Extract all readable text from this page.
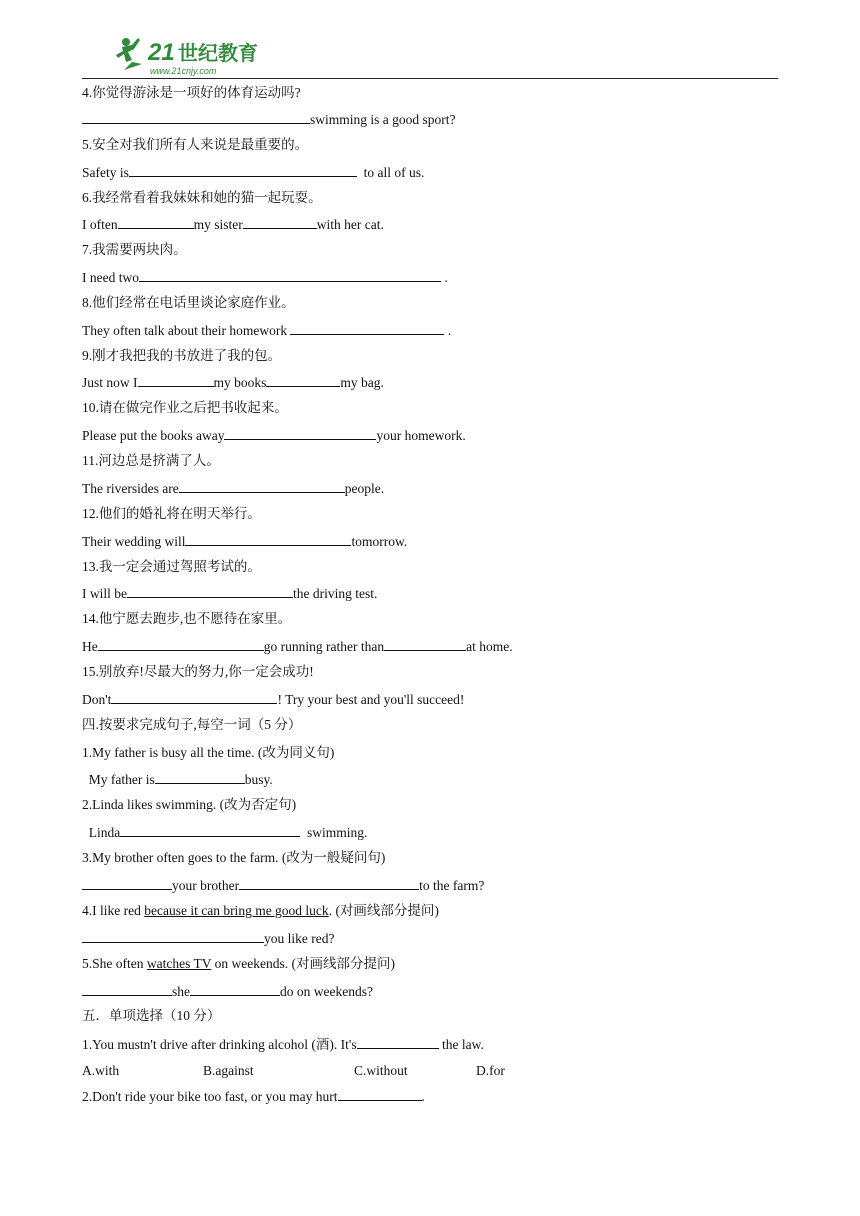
21 世纪教育
www.21cnjy.com
4.你觉得游泳是一项好的体育运动吗?
swimming is a good sport?
5.安全对我们所有人来说是最重要的。
Safety is	to all of us.
6.我经常看着我妹妹和她的猫一起玩耍。
I often	my sister	with her cat.
7.我需要两块肉。
I need two	.
8.他们经常在电话里谈论家庭作业。
They often talk about their homework	.
9.刚才我把我的书放进了我的包。
Just now I	my books	my bag.
10.请在做完作业之后把书收起来。
Please put the books away	your homework.
11.河边总是挤满了人。
The riversides are	people.
12.他们的婚礼将在明天举行。
Their wedding will	tomorrow.
13.我一定会通过驾照考试的。
I will be	the driving test.
14.他宁愿去跑步,也不愿待在家里。
He	go running rather than	at home.
15.别放弃!尽最大的努力,你一定会成功!
Don't	! Try your best and you'll succeed!
四.按要求完成句子,每空一词（5 分）
1.My father is busy all the time. (改为同义句)
My father is	busy.
2.Linda likes swimming. (改为否定句)
Linda	swimming.
3.My brother often goes to the farm. (改为一般疑问句)
your brother	to the farm?
4.I like red because it can bring me good luck. (对画线部分提问)
you like red?
5.She often watches TV on weekends. (对画线部分提问)
she	do on weekends?
五．单项选择（10 分）
1.You mustn't drive after drinking alcohol (酒). It's	the law.
A.with	B.against	C.without	D.for
2.Don't ride your bike too fast, or you may hurt	.
